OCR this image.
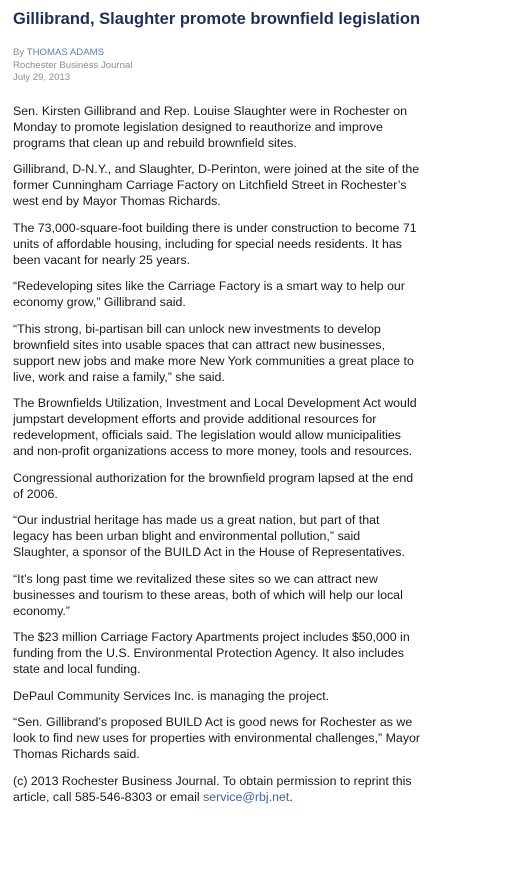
Gillibrand, Slaughter promote brownfield legislation
By THOMAS ADAMS
Rochester Business Journal
July 29, 2013

Sen. Kirsten Gillibrand and Rep. Louise Slaughter were in Rochester on
Monday to promote legislation designed to reauthorize and improve
programs that clean up and rebuild brownfield sites.

Gillibrand, D-N.Y., and Slaughter, D-Perinton, were joined at the site of the
former Cunningham Carriage Factory on Litchfield Street in Rochester’s
west end by Mayor Thomas Richards.

The 73,000-square-foot building there is under construction to become 71
units of affordable housing, including for special needs residents. It has
been vacant for nearly 25 years.

“Redeveloping sites like the Carriage Factory is a smart way to help our
economy grow,” Gillibrand said.

“This strong, bi-partisan bill can unlock new investments to develop
brownfield sites into usable spaces that can attract new businesses,
support new jobs and make more New York communities a great place to
live, work and raise a family,” she said.

The Brownfields Utilization, Investment and Local Development Act would
jumpstart development efforts and provide additional resources for
redevelopment, officials said. The legislation would allow municipalities
and non-profit organizations access to more money, tools and resources.

Congressional authorization for the brownfield program lapsed at the end
of 2006.

“Our industrial heritage has made us a great nation, but part of that
legacy has been urban blight and environmental pollution,” said
Slaughter, a sponsor of the BUILD Act in the House of Representatives.

“It’s long past time we revitalized these sites so we can attract new
businesses and tourism to these areas, both of which will help our local
economy.”

The $23 million Carriage Factory Apartments project includes $50,000 in
funding from the U.S. Environmental Protection Agency. It also includes
state and local funding.

DePaul Community Services Inc. is managing the project.

“Sen. Gillibrand’s proposed BUILD Act is good news for Rochester as we
look to find new uses for properties with environmental challenges,” Mayor
Thomas Richards said.

(c) 2013 Rochester Business Journal. To obtain permission to reprint this
article, call 585-546-8303 or email service@rbj.net.
